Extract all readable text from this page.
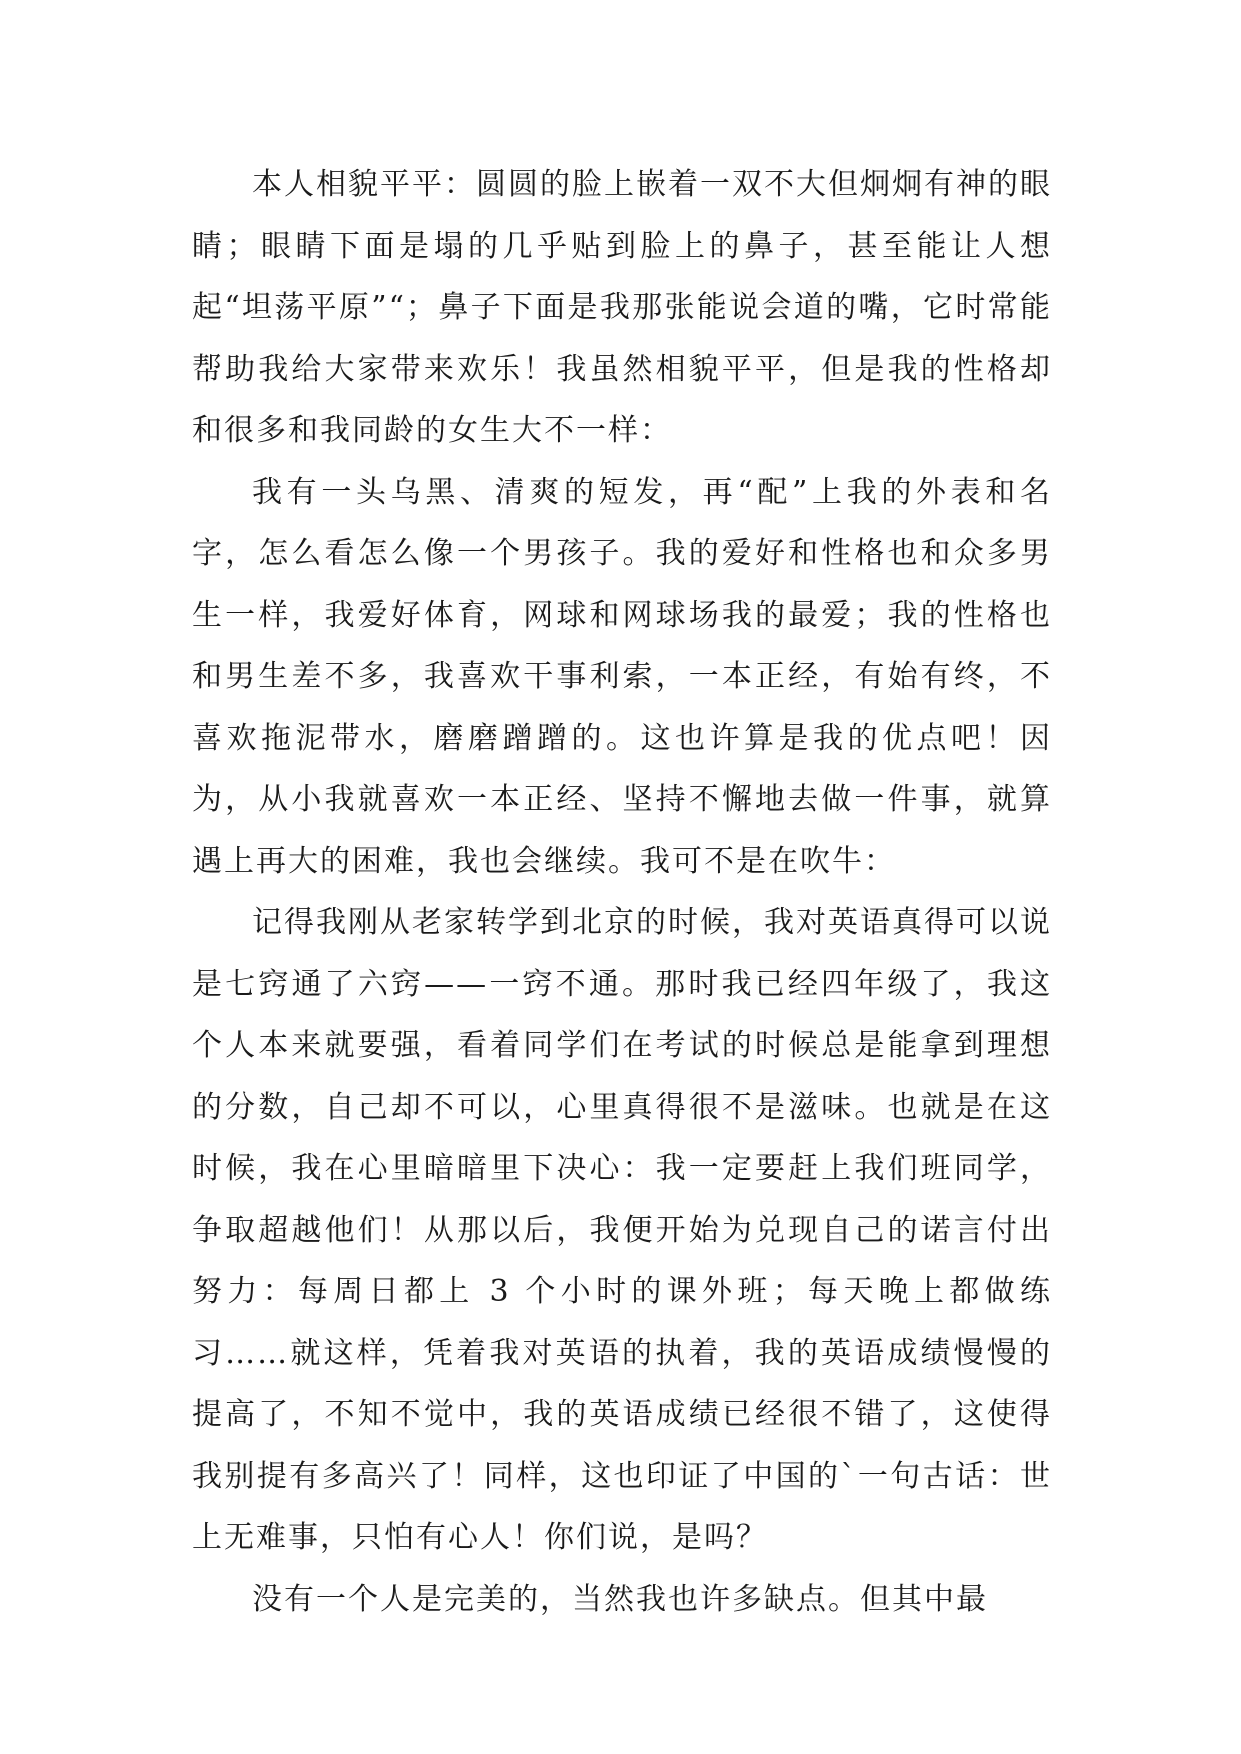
本人相貌平平：圆圆的脸上嵌着一双不大但炯炯有神的眼睛；眼睛下面是塌的几乎贴到脸上的鼻子，甚至能让人想起“坦荡平原”“；鼻子下面是我那张能说会道的嘴，它时常能帮助我给大家带来欢乐！我虽然相貌平平，但是我的性格却和很多和我同龄的女生大不一样：

我有一头乌黑、清爽的短发，再“配”上我的外表和名字，怎么看怎么像一个男孩子。我的爱好和性格也和众多男生一样，我爱好体育，网球和网球场我的最爱；我的性格也和男生差不多，我喜欢干事利索，一本正经，有始有终，不喜欢拖泥带水，磨磨蹭蹭的。这也许算是我的优点吧！因为，从小我就喜欢一本正经、坚持不懈地去做一件事，就算遇上再大的困难，我也会继续。我可不是在吹牛：

记得我刚从老家转学到北京的时候，我对英语真得可以说是七窍通了六窍——一窍不通。那时我已经四年级了，我这个人本来就要强，看着同学们在考试的时候总是能拿到理想的分数，自己却不可以，心里真得很不是滋味。也就是在这时候，我在心里暗暗里下决心：我一定要赶上我们班同学，争取超越他们！从那以后，我便开始为兑现自己的诺言付出努力：每周日都上 3 个小时的课外班；每天晚上都做练习……就这样，凭着我对英语的执着，我的英语成绩慢慢的提高了，不知不觉中，我的英语成绩已经很不错了，这使得我别提有多高兴了！同样，这也印证了中国的`一句古话：世上无难事，只怕有心人！你们说，是吗？

没有一个人是完美的，当然我也许多缺点。但其中最
